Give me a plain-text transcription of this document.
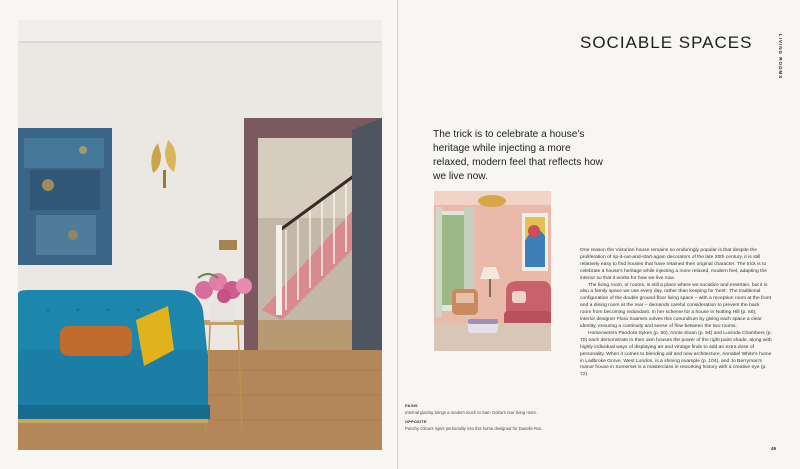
SOCIABLE SPACES	LIVING ROOMS

The trick is to celebrate a house's heritage while injecting a more relaxed, modern feel that reflects how we live now.

One reason the Victorian house remains so enduringly popular is that despite the proliferation of rip-it-out-and-start-again decorators of the late 20th century, it is still relatively easy to find houses that have retained their original character. The trick is to celebrate a house's heritage while injecting a more relaxed, modern feel, adapting the interior so that it works for how we live now.

The living room, or rooms, is still a place where we socialize and entertain, but it is also a family space we use every day, rather than keeping for 'best'. The traditional configuration of the double ground-floor living space – with a reception room at the front and a dining room at the rear – demands careful consideration to prevent the back room from becoming redundant. In her scheme for a house in Notting Hill (p. 60), interior designer Flora Soames solves this conundrum by giving each space a clear identity, ensuring a continuity and sense of flow between the two rooms.

Homeowners Pandora Sykes (p. 50), Annie Sloan (p. 54) and Lucinda Chambers (p. 70) each demonstrate in their own houses the power of the right paint shade, along with highly individual ways of displaying art and vintage finds to add an extra dose of personality. When it comes to blending old and new architecture, Annabel White's home in Ladbroke Grove, West London, is a shining example (p. 104), and Jo Berryman's manor house in Somerset is a masterclass in reworking history with a creative eye (p. 72).

PAINS
Internal glazing brings a modern touch to Sam Goiba's rear living room.
OPPOSITE
Punchy colours inject personality into this home designed for Danelle Rus.
49
